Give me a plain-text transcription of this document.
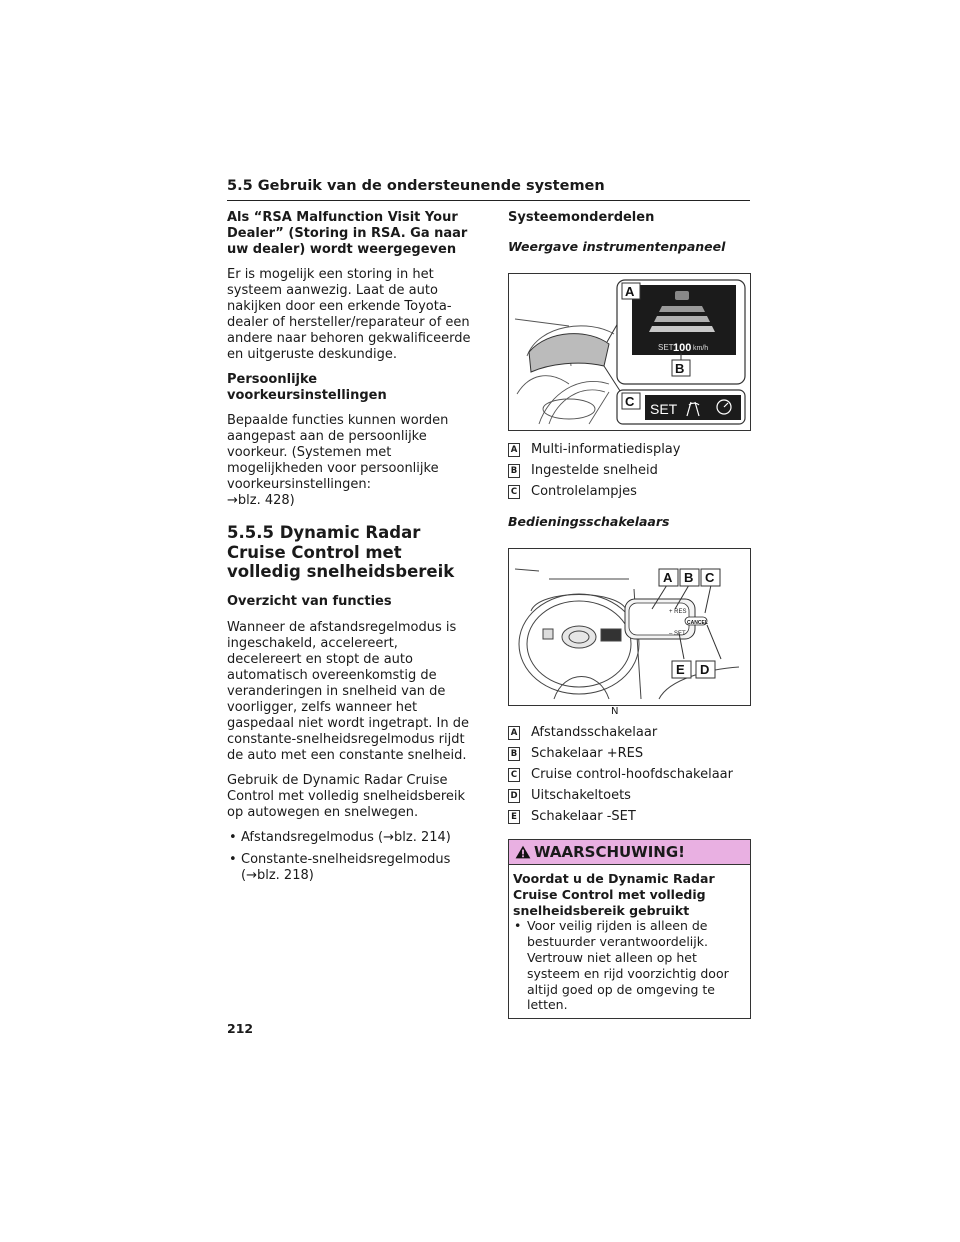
5.5 Gebruik van de ondersteunende systemen

Als “RSA Malfunction Visit Your Dealer” (Storing in RSA. Ga naar uw dealer) wordt weergegeven

Er is mogelijk een storing in het systeem aanwezig. Laat de auto nakijken door een erkende Toyota-dealer of hersteller/reparateur of een andere naar behoren gekwalificeerde en uitgeruste deskundige.

Persoonlijke voorkeursinstellingen

Bepaalde functies kunnen worden aangepast aan de persoonlijke voorkeur. (Systemen met mogelijkheden voor persoonlijke voorkeursinstellingen:
→blz. 428)

5.5.5 Dynamic Radar Cruise Control met volledig snelheidsbereik
Overzicht van functies

Wanneer de afstandsregelmodus is ingeschakeld, accelereert, decelereert en stopt de auto automatisch overeenkomstig de veranderingen in snelheid van de voorligger, zelfs wanneer het gaspedaal niet wordt ingetrapt. In de constante-snelheidsregelmodus rijdt de auto met een constante snelheid.

Gebruik de Dynamic Radar Cruise Control met volledig snelheidsbereik op autowegen en snelwegen.

• Afstandsregelmodus (→blz. 214)
• Constante-snelheidsregelmodus (→blz. 218)
Systeemonderdelen

Weergave instrumentenpaneel

SET 100 km/h
A
B
C SET
A Multi-informatiedisplay
B Ingestelde snelheid
C Controlelampjes

Bedieningsschakelaars

+ RES
– SET
CANCEL
A B C
E D
N
A Afstandsschakelaar
B Schakelaar +RES
C Cruise control-hoofdschakelaar
D Uitschakeltoets
E Schakelaar -SET
WAARSCHUWING!
Voordat u de Dynamic Radar Cruise Control met volledig snelheidsbereik gebruikt
• Voor veilig rijden is alleen de bestuurder verantwoordelijk. Vertrouw niet alleen op het systeem en rijd voorzichtig door altijd goed op de omgeving te letten.
212
